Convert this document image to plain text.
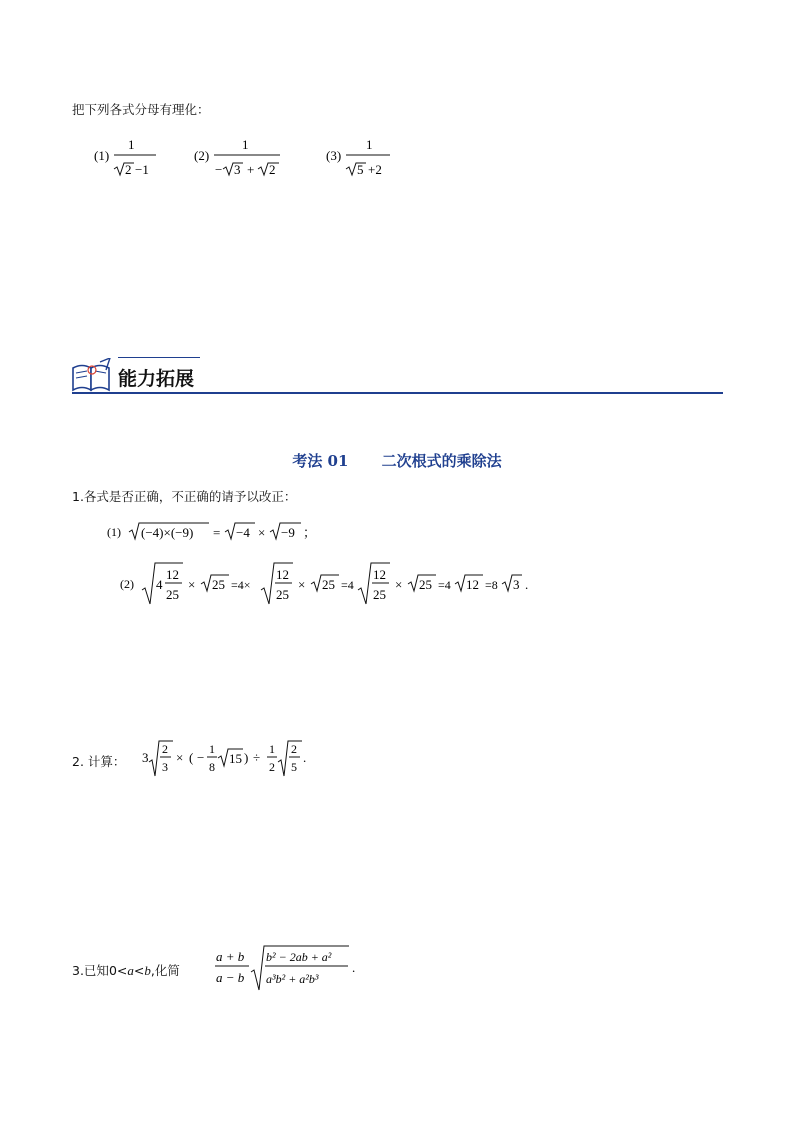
把下列各式分母有理化：
(1)
1
2 −1
(2)
1
− 3 + 2
(3)
1
5 +2
能力拓展
考法 01 二次根式的乘除法
1.各式是否正确，不正确的请予以改正：
(1) (−4)×(−9) = −4 × −9 ；
(2) 4
12
25
× 25 =4×
12
25
× 25 =4
12
25
× 25 =4 12 =8 3 .
2. 计算： 3
2
3
× ( −
1
8
15 ) ÷
1
2
2
5
.
3.已知0<a<b,化简
a + b
a − b
b² − 2ab + a²
a³b² + a²b³
.
